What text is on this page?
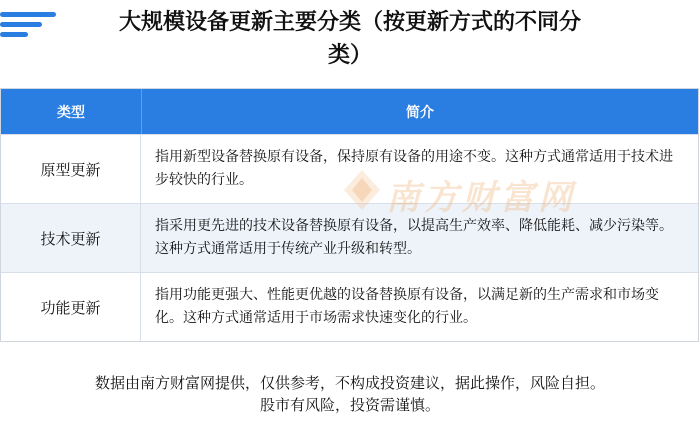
大规模设备更新主要分类（按更新方式的不同分
类）
类型	简介
原型更新
指用新型设备替换原有设备，保持原有设备的用途不变。这种方式通常适用于技术进步较快的行业。
技术更新
指采用更先进的技术设备替换原有设备，以提高生产效率、降低能耗、减少污染等。这种方式通常适用于传统产业升级和转型。
功能更新
指用功能更强大、性能更优越的设备替换原有设备，以满足新的生产需求和市场变化。这种方式通常适用于市场需求快速变化的行业。
南方财富网
数据由南方财富网提供，仅供参考，不构成投资建议，据此操作，风险自担。
股市有风险，投资需谨慎。
